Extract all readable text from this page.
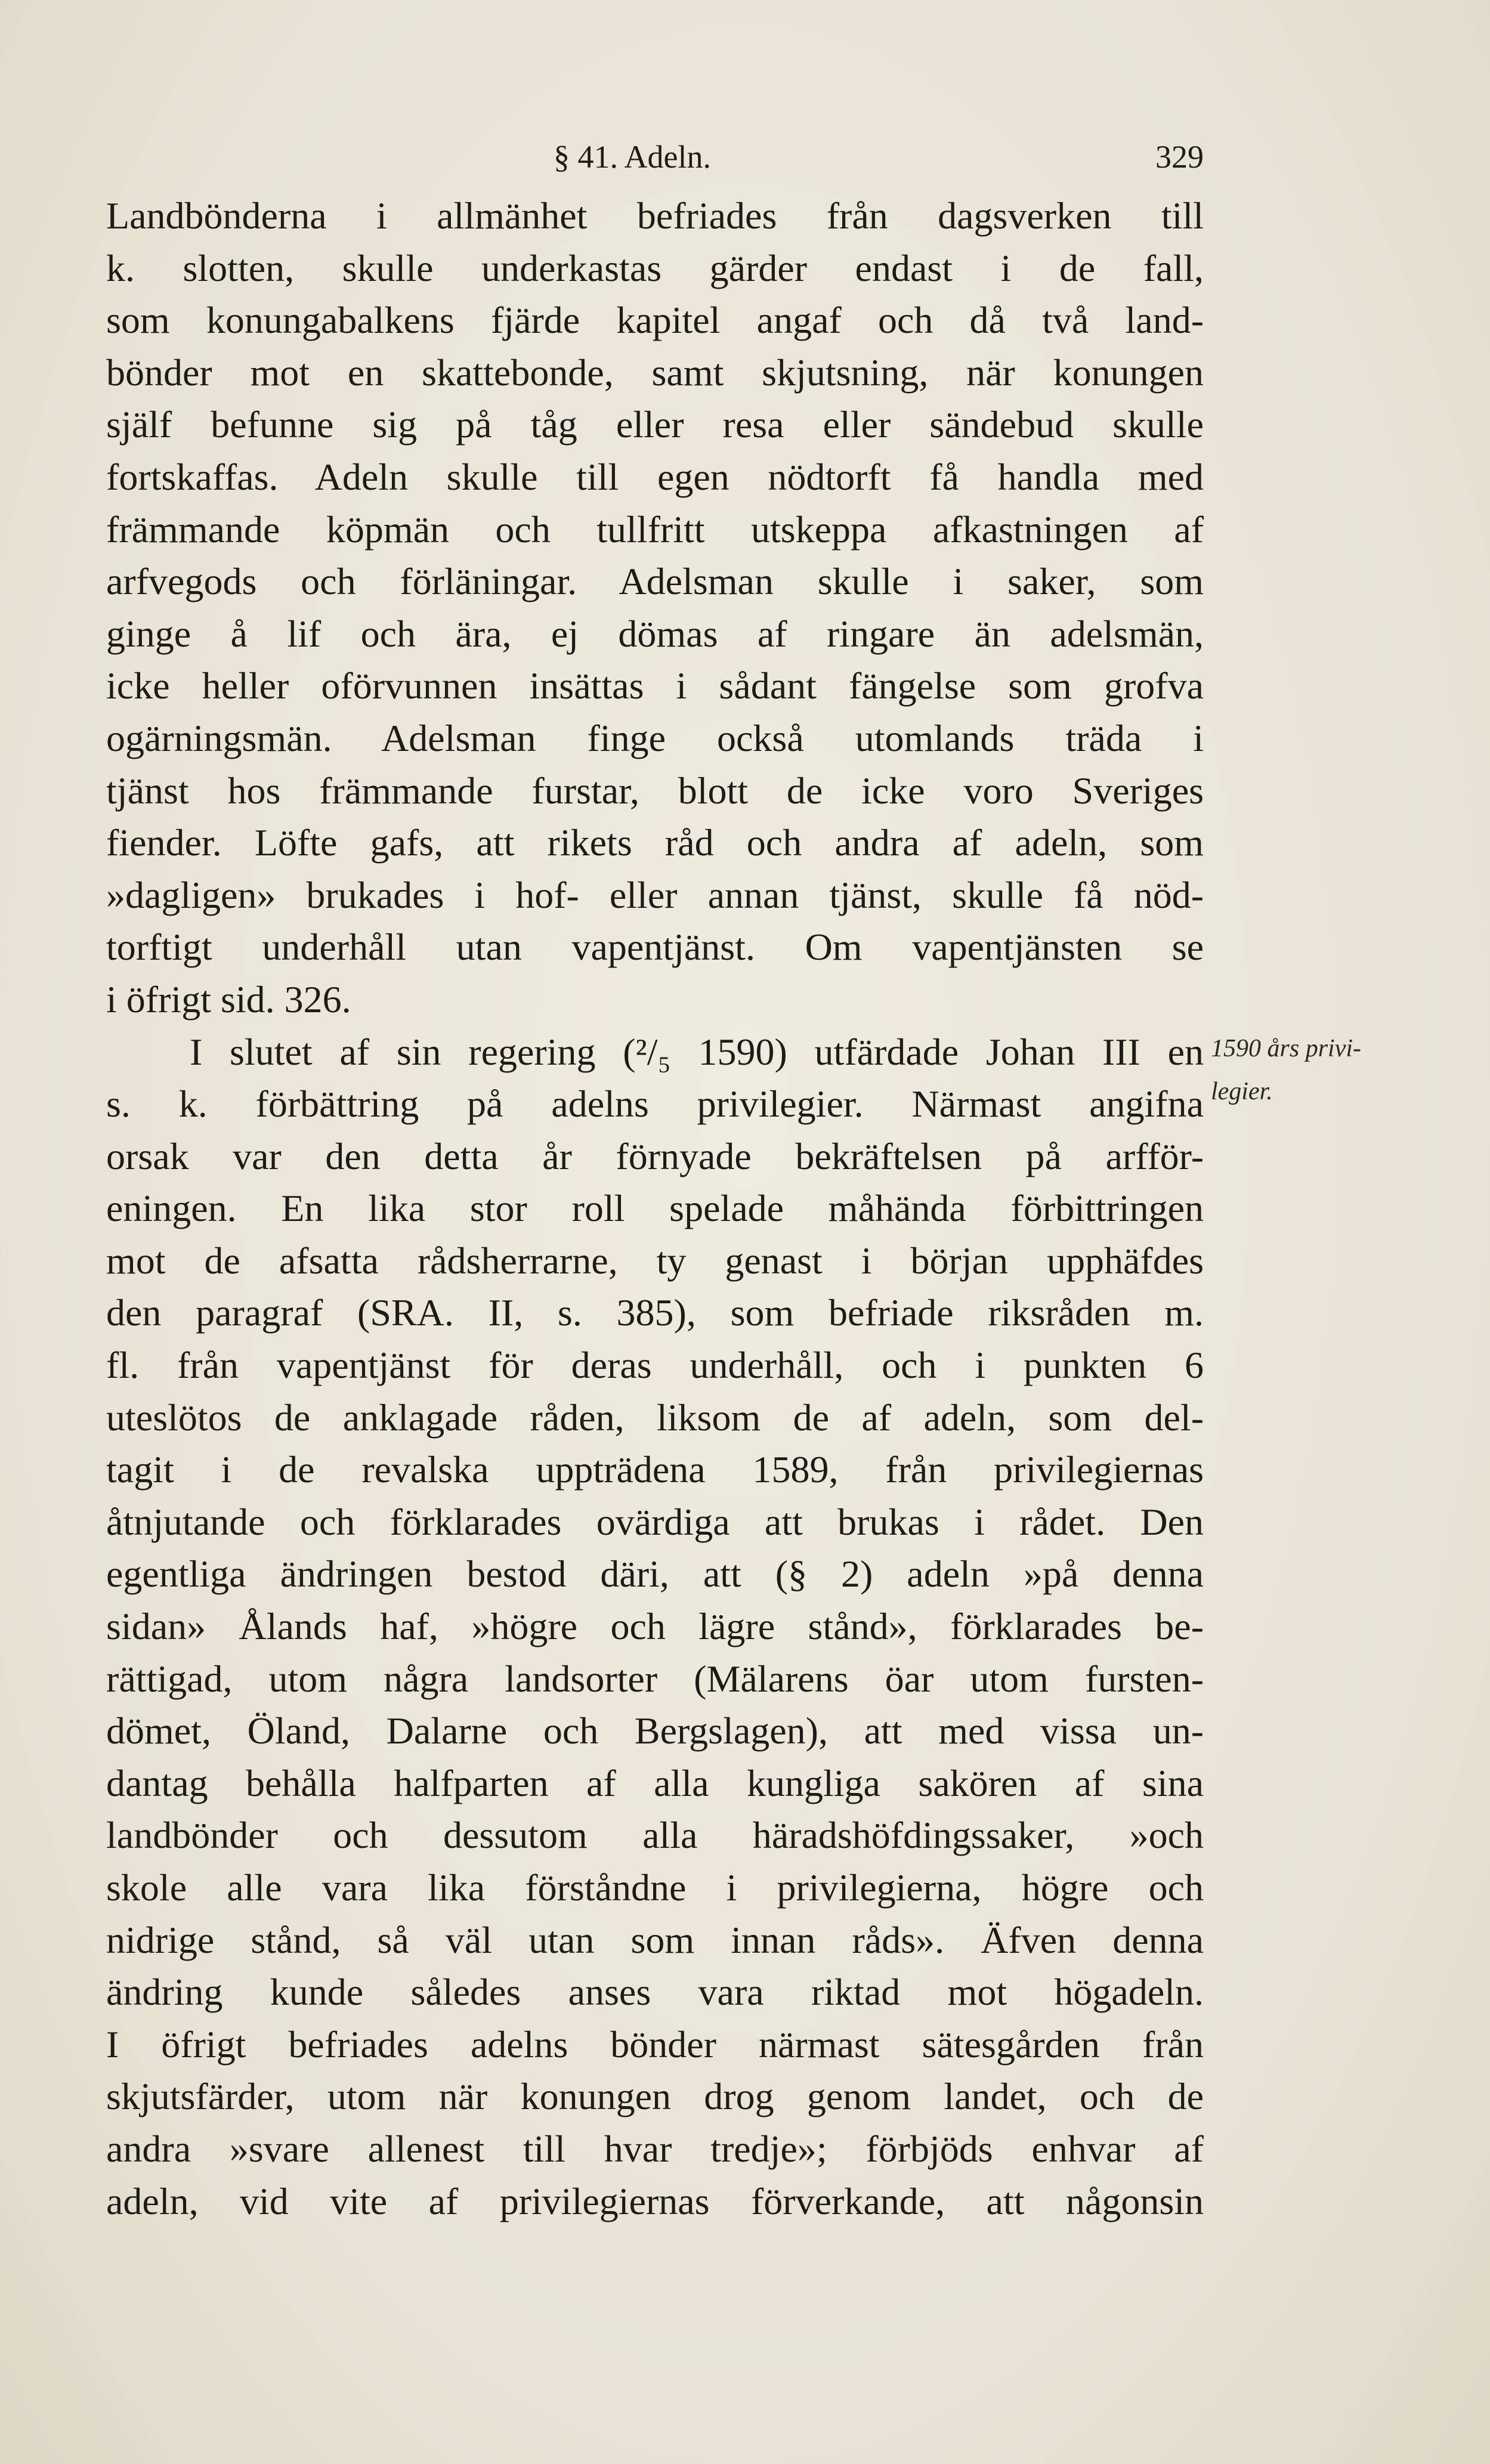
§ 41. Adeln.	329
Landbönderna i allmänhet befriades från dagsverken till
k. slotten, skulle underkastas gärder endast i de fall,
som konungabalkens fjärde kapitel angaf och då två land-
bönder mot en skattebonde, samt skjutsning, när konungen
själf befunne sig på tåg eller resa eller sändebud skulle
fortskaffas. Adeln skulle till egen nödtorft få handla med
främmande köpmän och tullfritt utskeppa afkastningen af
arfvegods och förläningar. Adelsman skulle i saker, som
ginge å lif och ära, ej dömas af ringare än adelsmän,
icke heller oförvunnen insättas i sådant fängelse som grofva
ogärningsmän. Adelsman finge också utomlands träda i
tjänst hos främmande furstar, blott de icke voro Sveriges
fiender. Löfte gafs, att rikets råd och andra af adeln, som
»dagligen» brukades i hof- eller annan tjänst, skulle få nöd-
torftigt underhåll utan vapentjänst. Om vapentjänsten se
i öfrigt sid. 326.
I slutet af sin regering (²/₅ 1590) utfärdade Johan III en
s. k. förbättring på adelns privilegier. Närmast angifna
orsak var den detta år förnyade bekräftelsen på arfför-
eningen. En lika stor roll spelade måhända förbittringen
mot de afsatta rådsherrarne, ty genast i början upphäfdes
den paragraf (SRA. II, s. 385), som befriade riksråden m.
fl. från vapentjänst för deras underhåll, och i punkten 6
uteslötos de anklagade råden, liksom de af adeln, som del-
tagit i de revalska uppträdena 1589, från privilegiernas
åtnjutande och förklarades ovärdiga att brukas i rådet. Den
egentliga ändringen bestod däri, att (§ 2) adeln »på denna
sidan» Ålands haf, »högre och lägre stånd», förklarades be-
rättigad, utom några landsorter (Mälarens öar utom fursten-
dömet, Öland, Dalarne och Bergslagen), att med vissa un-
dantag behålla halfparten af alla kungliga sakören af sina
landbönder och dessutom alla häradshöfdingssaker, »och
skole alle vara lika förståndne i privilegierna, högre och
nidrige stånd, så väl utan som innan råds». Äfven denna
ändring kunde således anses vara riktad mot högadeln.
I öfrigt befriades adelns bönder närmast sätesgården från
skjutsfärder, utom när konungen drog genom landet, och de
andra »svare allenest till hvar tredje»; förbjöds enhvar af
adeln, vid vite af privilegiernas förverkande, att någonsin
1590 års privi-
legier.
